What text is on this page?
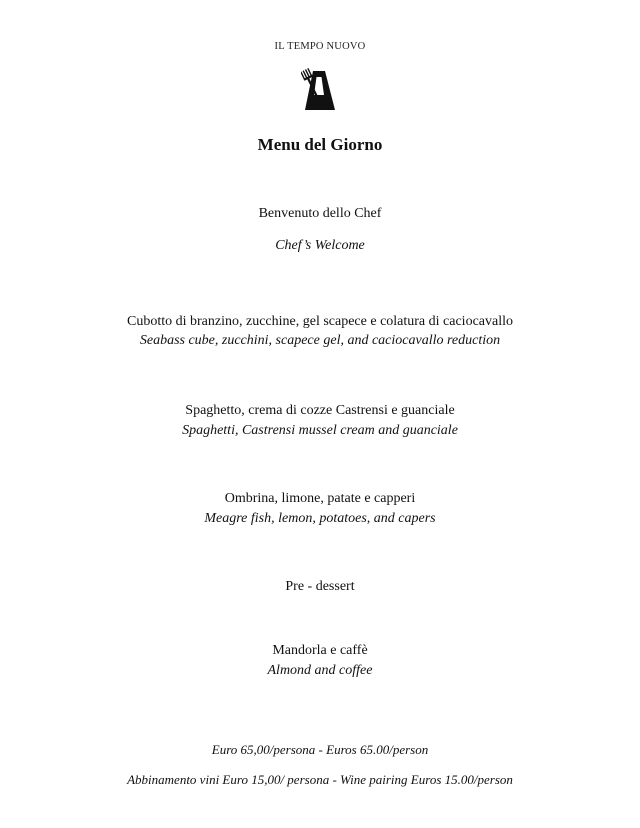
IL TEMPO NUOVO
Menu del Giorno
Benvenuto dello Chef
Chef’s Welcome
Cubotto di branzino, zucchine, gel scapece e colatura di caciocavallo
Seabass cube, zucchini, scapece gel, and caciocavallo reduction
Spaghetto, crema di cozze Castrensi e guanciale
Spaghetti, Castrensi mussel cream and guanciale
Ombrina, limone, patate e capperi
Meagre fish, lemon, potatoes, and capers
Pre - dessert
Mandorla e caffè
Almond and coffee
Euro 65,00/persona - Euros 65.00/person
Abbinamento vini Euro 15,00/ persona - Wine pairing Euros 15.00/person
